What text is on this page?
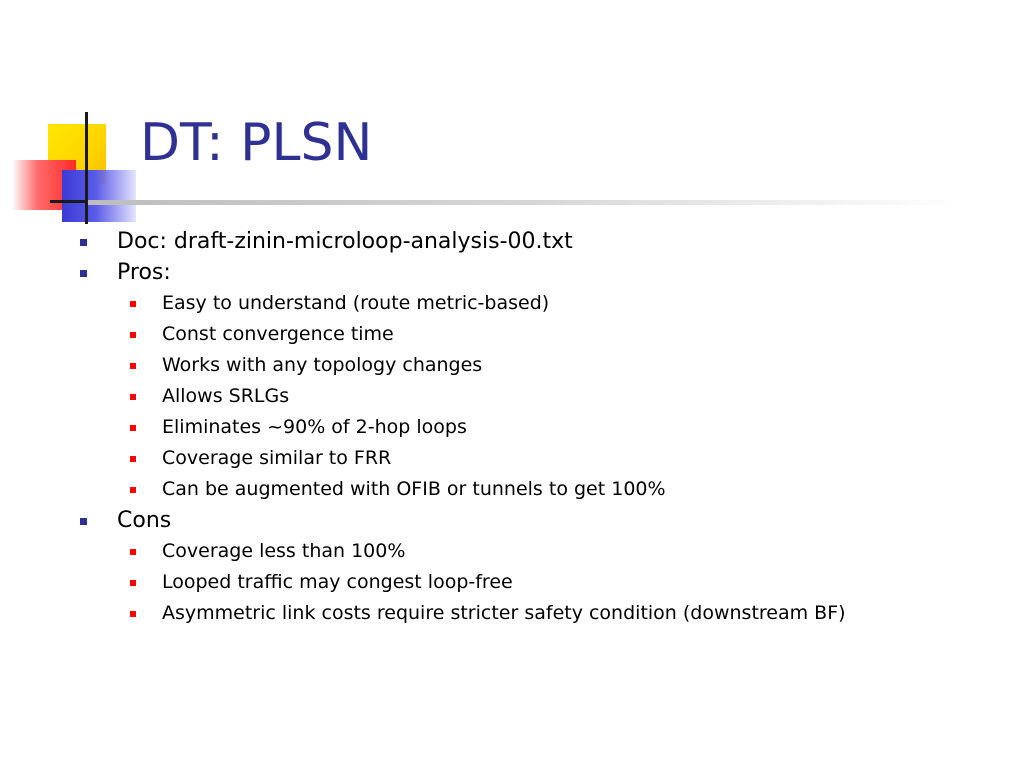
DT: PLSN
Doc: draft-zinin-microloop-analysis-00.txt
Pros:
Easy to understand (route metric-based)
Const convergence time
Works with any topology changes
Allows SRLGs
Eliminates ~90% of 2-hop loops
Coverage similar to FRR
Can be augmented with OFIB or tunnels to get 100%
Cons
Coverage less than 100%
Looped traffic may congest loop-free
Asymmetric link costs require stricter safety condition (downstream BF)
